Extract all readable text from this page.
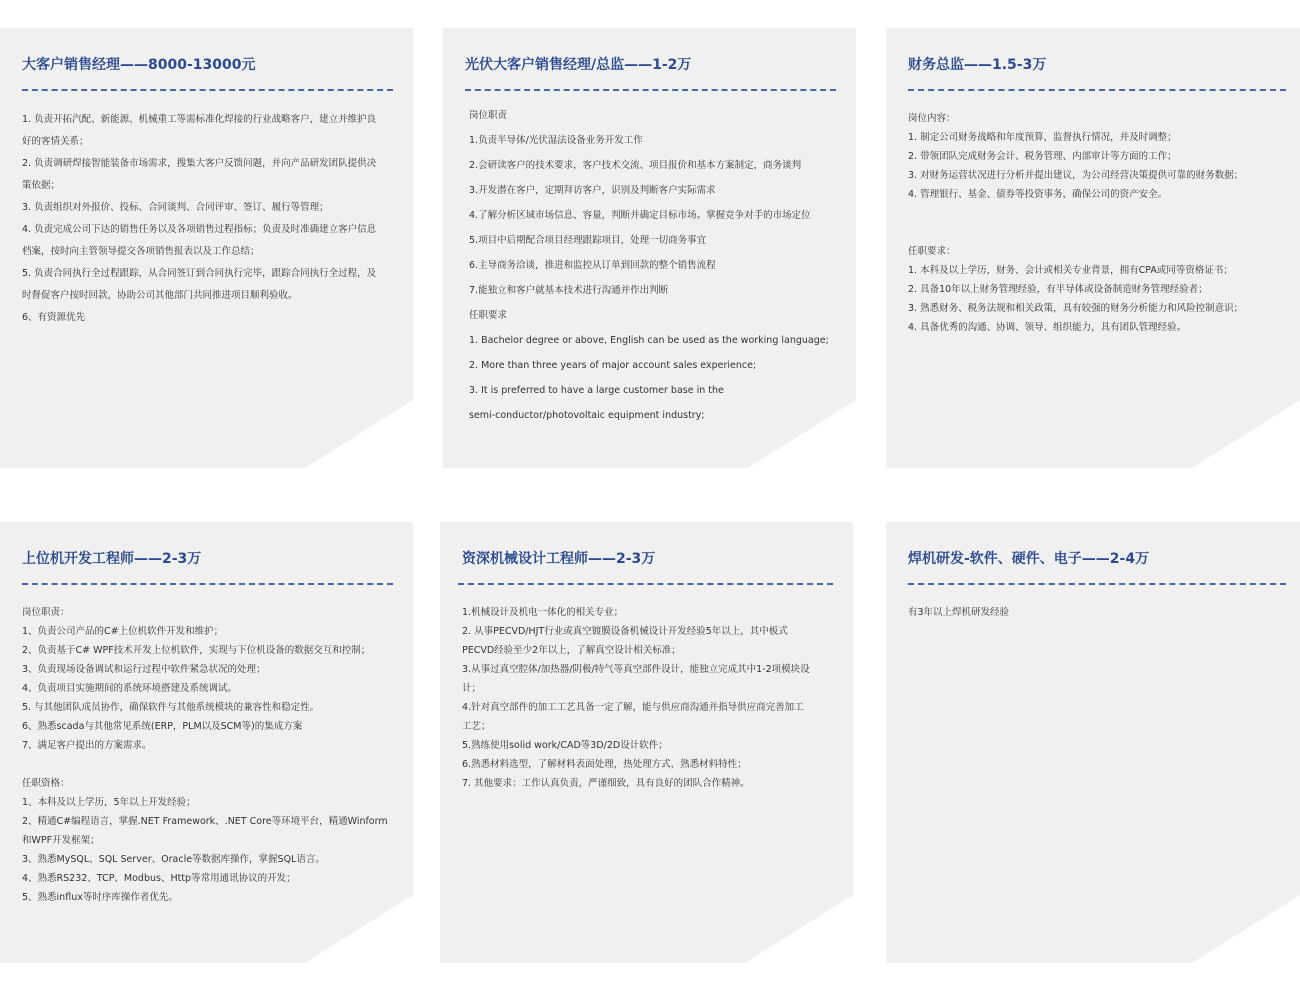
大客户销售经理——8000-13000元
1. 负责开拓汽配、新能源、机械重工等需标准化焊接的行业战略客户，建立并维护良
好的客情关系；
2. 负责调研焊接智能装备市场需求，搜集大客户反馈问题，并向产品研发团队提供决
策依据；
3. 负责组织对外报价、投标、合同谈判、合同评审、签订、履行等管理；
4. 负责完成公司下达的销售任务以及各项销售过程指标；负责及时准确建立客户信息
档案，按时向主管领导提交各项销售报表以及工作总结；
5. 负责合同执行全过程跟踪，从合同签订到合同执行完毕，跟踪合同执行全过程，及
时督促客户按时回款，协助公司其他部门共同推进项目顺利验收。
6、有资源优先
光伏大客户销售经理/总监——1-2万
岗位职责
1.负责半导体/光伏湿法设备业务开发工作
2.会研读客户的技术要求，客户技术交流、项目报价和基本方案制定，商务谈判
3.开发潜在客户，定期拜访客户，识别及判断客户实际需求
4.了解分析区域市场信息、容量，判断并确定目标市场。掌握竞争对手的市场定位
5.项目中后期配合项目经理跟踪项目，处理一切商务事宜
6.主导商务洽谈，推进和监控从订单到回款的整个销售流程
7.能独立和客户就基本技术进行沟通并作出判断
任职要求
1. Bachelor degree or above, English can be used as the working language;
2. More than three years of major account sales experience;
3. It is preferred to have a large customer base in the
semi-conductor/photovoltaic equipment industry;
财务总监——1.5-3万
岗位内容：
1. 制定公司财务战略和年度预算，监督执行情况，并及时调整；
2. 带领团队完成财务会计、税务管理、内部审计等方面的工作；
3. 对财务运营状况进行分析并提出建议，为公司经营决策提供可靠的财务数据；
4. 管理银行、基金、债券等投资事务，确保公司的资产安全。

任职要求：
1. 本科及以上学历，财务、会计或相关专业背景，拥有CPA或同等资格证书；
2. 具备10年以上财务管理经验，有半导体或设备制造财务管理经验者；
3. 熟悉财务、税务法规和相关政策，具有较强的财务分析能力和风险控制意识；
4. 具备优秀的沟通、协调、领导、组织能力，具有团队管理经验。
上位机开发工程师——2-3万
岗位职责：
1、负责公司产品的C#上位机软件开发和维护；
2、负责基于C# WPF技术开发上位机软件，实现与下位机设备的数据交互和控制；
3、负责现场设备调试和运行过程中软件紧急状况的处理；
4、负责项目实施期间的系统环境搭建及系统调试。
5. 与其他团队成员协作，确保软件与其他系统模块的兼容性和稳定性。
6、熟悉scada与其他常见系统(ERP，PLM以及SCM等)的集成方案
7、满足客户提出的方案需求。

任职资格：
1、本科及以上学历，5年以上开发经验；
2、精通C#编程语言，掌握.NET Framework、.NET Core等环境平台，精通Winform
和WPF开发框架；
3、熟悉MySQL、SQL Server、Oracle等数据库操作，掌握SQL语言。
4、熟悉RS232、TCP、Modbus、Http等常用通讯协议的开发；
5、熟悉influx等时序库操作者优先。
资深机械设计工程师——2-3万
1.机械设计及机电一体化的相关专业；
2. 从事PECVD/HJT行业或真空镀膜设备机械设计开发经验5年以上，其中板式
PECVD经验至少2年以上，了解真空设计相关标准；
3.从事过真空腔体/加热器/阴极/特气等真空部件设计，能独立完成其中1-2项模块设
计；
4.针对真空部件的加工工艺具备一定了解，能与供应商沟通并指导供应商完善加工
工艺；
5.熟练使用solid work/CAD等3D/2D设计软件；
6.熟悉材料选型，了解材料表面处理，热处理方式，熟悉材料特性；
7. 其他要求：工作认真负责，严谨细致，具有良好的团队合作精神。
焊机研发-软件、硬件、电子——2-4万
有3年以上焊机研发经验
